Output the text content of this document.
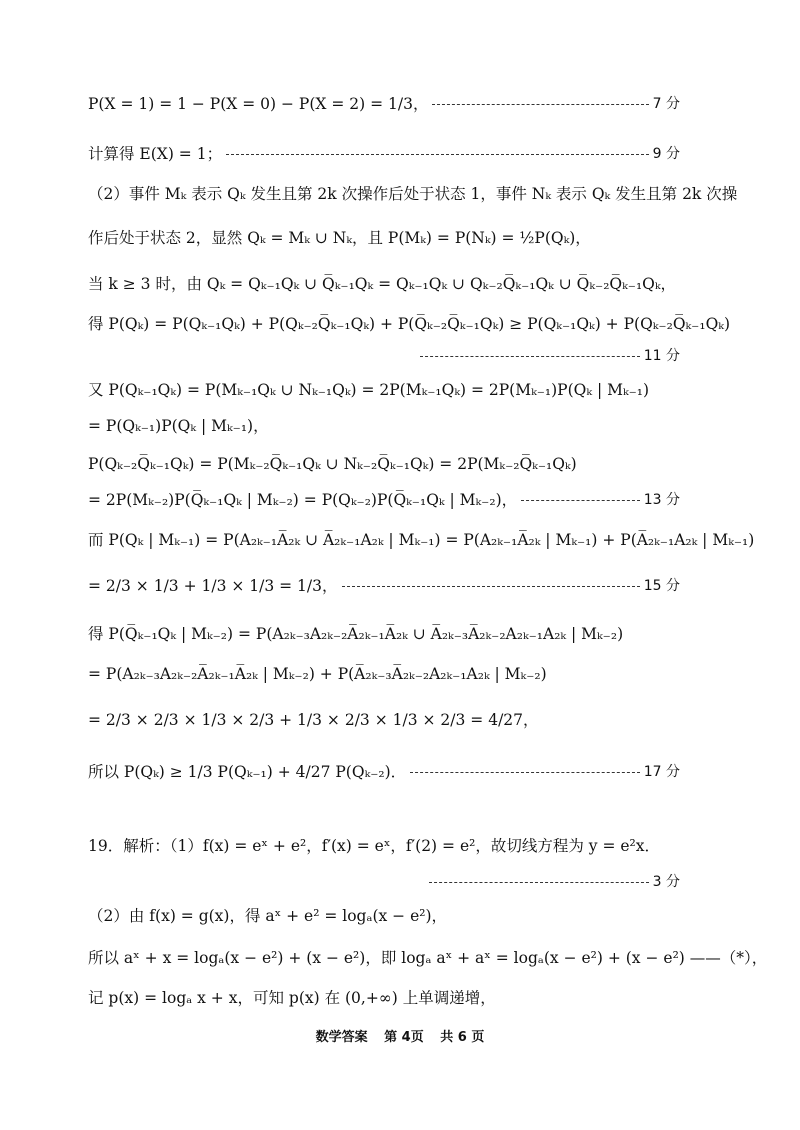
P(X = 1) = 1 − P(X = 0) − P(X = 2) = 1/3，	7 分
计算得 E(X) = 1；	9 分
（2）事件 Mₖ 表示 Qₖ 发生且第 2k 次操作后处于状态 1，事件 Nₖ 表示 Qₖ 发生且第 2k 次操
作后处于状态 2，显然 Qₖ = Mₖ ∪ Nₖ，且 P(Mₖ) = P(Nₖ) = ½P(Qₖ)，
当 k ≥ 3 时，由 Qₖ = Qₖ₋₁Qₖ ∪ Q̅ₖ₋₁Qₖ = Qₖ₋₁Qₖ ∪ Qₖ₋₂Q̅ₖ₋₁Qₖ ∪ Q̅ₖ₋₂Q̅ₖ₋₁Qₖ，
得 P(Qₖ) = P(Qₖ₋₁Qₖ) + P(Qₖ₋₂Q̅ₖ₋₁Qₖ) + P(Q̅ₖ₋₂Q̅ₖ₋₁Qₖ) ≥ P(Qₖ₋₁Qₖ) + P(Qₖ₋₂Q̅ₖ₋₁Qₖ)
11 分
又 P(Qₖ₋₁Qₖ) = P(Mₖ₋₁Qₖ ∪ Nₖ₋₁Qₖ) = 2P(Mₖ₋₁Qₖ) = 2P(Mₖ₋₁)P(Qₖ | Mₖ₋₁)
= P(Qₖ₋₁)P(Qₖ | Mₖ₋₁)，
P(Qₖ₋₂Q̅ₖ₋₁Qₖ) = P(Mₖ₋₂Q̅ₖ₋₁Qₖ ∪ Nₖ₋₂Q̅ₖ₋₁Qₖ) = 2P(Mₖ₋₂Q̅ₖ₋₁Qₖ)
= 2P(Mₖ₋₂)P(Q̅ₖ₋₁Qₖ | Mₖ₋₂) = P(Qₖ₋₂)P(Q̅ₖ₋₁Qₖ | Mₖ₋₂)，	13 分
而 P(Qₖ | Mₖ₋₁) = P(A₂ₖ₋₁A̅₂ₖ ∪ A̅₂ₖ₋₁A₂ₖ | Mₖ₋₁) = P(A₂ₖ₋₁A̅₂ₖ | Mₖ₋₁) + P(A̅₂ₖ₋₁A₂ₖ | Mₖ₋₁)
= 2/3 × 1/3 + 1/3 × 1/3 = 1/3，	15 分
得 P(Q̅ₖ₋₁Qₖ | Mₖ₋₂) = P(A₂ₖ₋₃A₂ₖ₋₂A̅₂ₖ₋₁A̅₂ₖ ∪ A̅₂ₖ₋₃A̅₂ₖ₋₂A₂ₖ₋₁A₂ₖ | Mₖ₋₂)
= P(A₂ₖ₋₃A₂ₖ₋₂A̅₂ₖ₋₁A̅₂ₖ | Mₖ₋₂) + P(A̅₂ₖ₋₃A̅₂ₖ₋₂A₂ₖ₋₁A₂ₖ | Mₖ₋₂)
= 2/3 × 2/3 × 1/3 × 2/3 + 1/3 × 2/3 × 1/3 × 2/3 = 4/27，
所以 P(Qₖ) ≥ 1/3 P(Qₖ₋₁) + 4/27 P(Qₖ₋₂)．	17 分
19．解析：（1）f(x) = eˣ + e²，f′(x) = eˣ，f′(2) = e²，故切线方程为 y = e²x．
3 分
（2）由 f(x) = g(x)，得 aˣ + e² = logₐ(x − e²)，
所以 aˣ + x = logₐ(x − e²) + (x − e²)，即 logₐ aˣ + aˣ = logₐ(x − e²) + (x − e²) ——（*），
记 p(x) = logₐ x + x，可知 p(x) 在 (0,+∞) 上单调递增，
数学答案 第 4页 共 6 页
